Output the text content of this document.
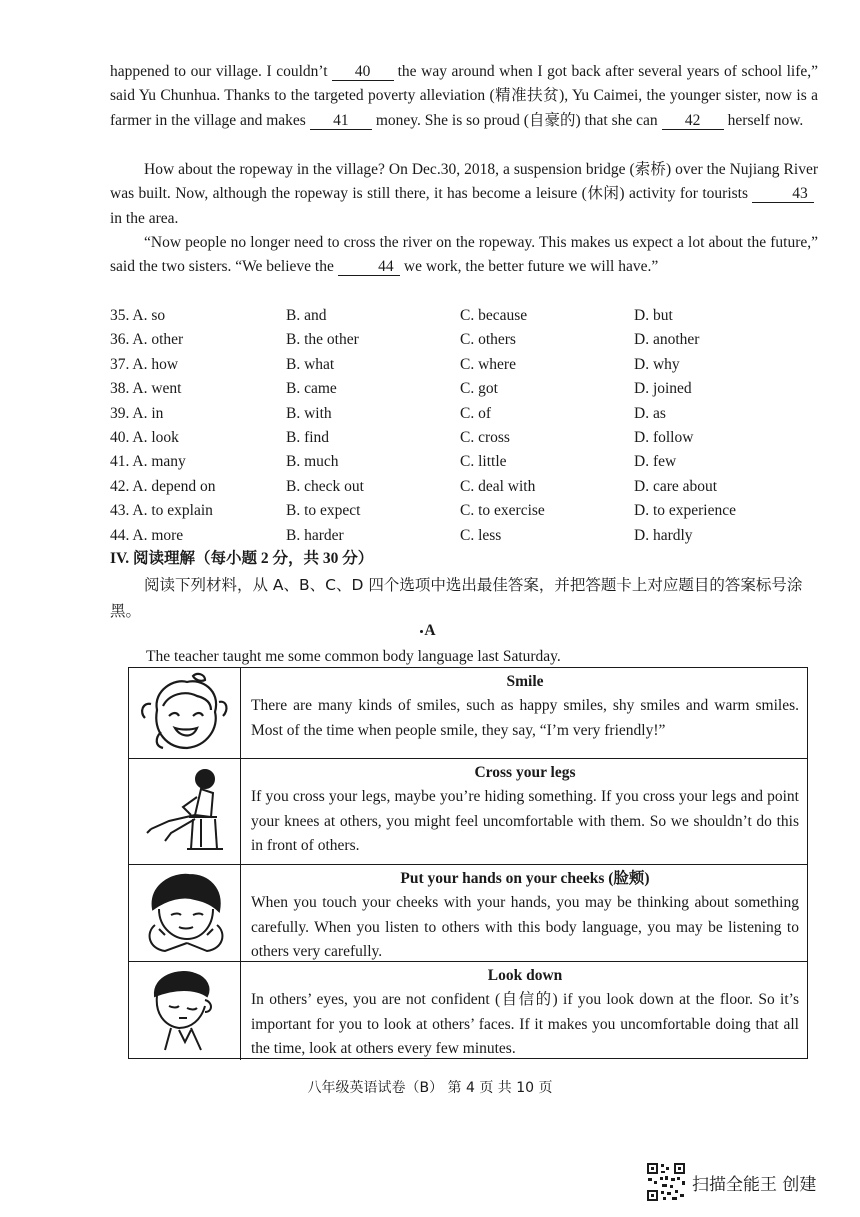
happened to our village. I couldn’t 40 the way around when I got back after several years of school life,” said Yu Chunhua. Thanks to the targeted poverty alleviation (精准扶贫), Yu Caimei, the younger sister, now is a farmer in the village and makes 41 money. She is so proud (自豪的) that she can 42 herself now.
How about the ropeway in the village? On Dec.30, 2018, a suspension bridge (索桥) over the Nujiang River was built. Now, although the ropeway is still there, it has become a leisure (休闲) activity for tourists	43in the area.
“Now people no longer need to cross the river on the ropeway. This makes us expect a lot about the future,” said the two sisters. “We believe the	44 we work, the better future we will have.”
35. A. so	B. and	C. because	D. but
36. A. other	B. the other	C. others	D. another
37. A. how	B. what	C. where	D. why
38. A. went	B. came	C. got	D. joined
39. A. in	B. with	C. of	D. as
40. A. look	B. find	C. cross	D. follow
41. A. many	B. much	C. little	D. few
42. A. depend on	B. check out	C. deal with	D. care about
43. A. to explain	B. to expect	C. to exercise	D. to experience
44. A. more	B. harder	C. less	D. hardly
IV. 阅读理解（每小题 2 分，共 30 分）
阅读下列材料，从 A、B、C、D 四个选项中选出最佳答案，并把答题卡上对应题目的答案标号涂黑。
A
The teacher taught me some common body language last Saturday.
Smile
There are many kinds of smiles, such as happy smiles, shy smiles and warm smiles. Most of the time when people smile, they say, “I’m very friendly!”
Cross your legs
If you cross your legs, maybe you’re hiding something. If you cross your legs and point your knees at others, you might feel uncomfortable with them. So we shouldn’t do this in front of others.
Put your hands on your cheeks (脸颊)
When you touch your cheeks with your hands, you may be thinking about something carefully. When you listen to others with this body language, you may be listening to others very carefully.
Look down
In others’ eyes, you are not confident (自信的) if you look down at the floor. So it’s important for you to look at others’ faces. If it makes you uncomfortable doing that all the time, look at others every few minutes.
八年级英语试卷（B） 第 4 页 共 10 页
扫描全能王 创建
